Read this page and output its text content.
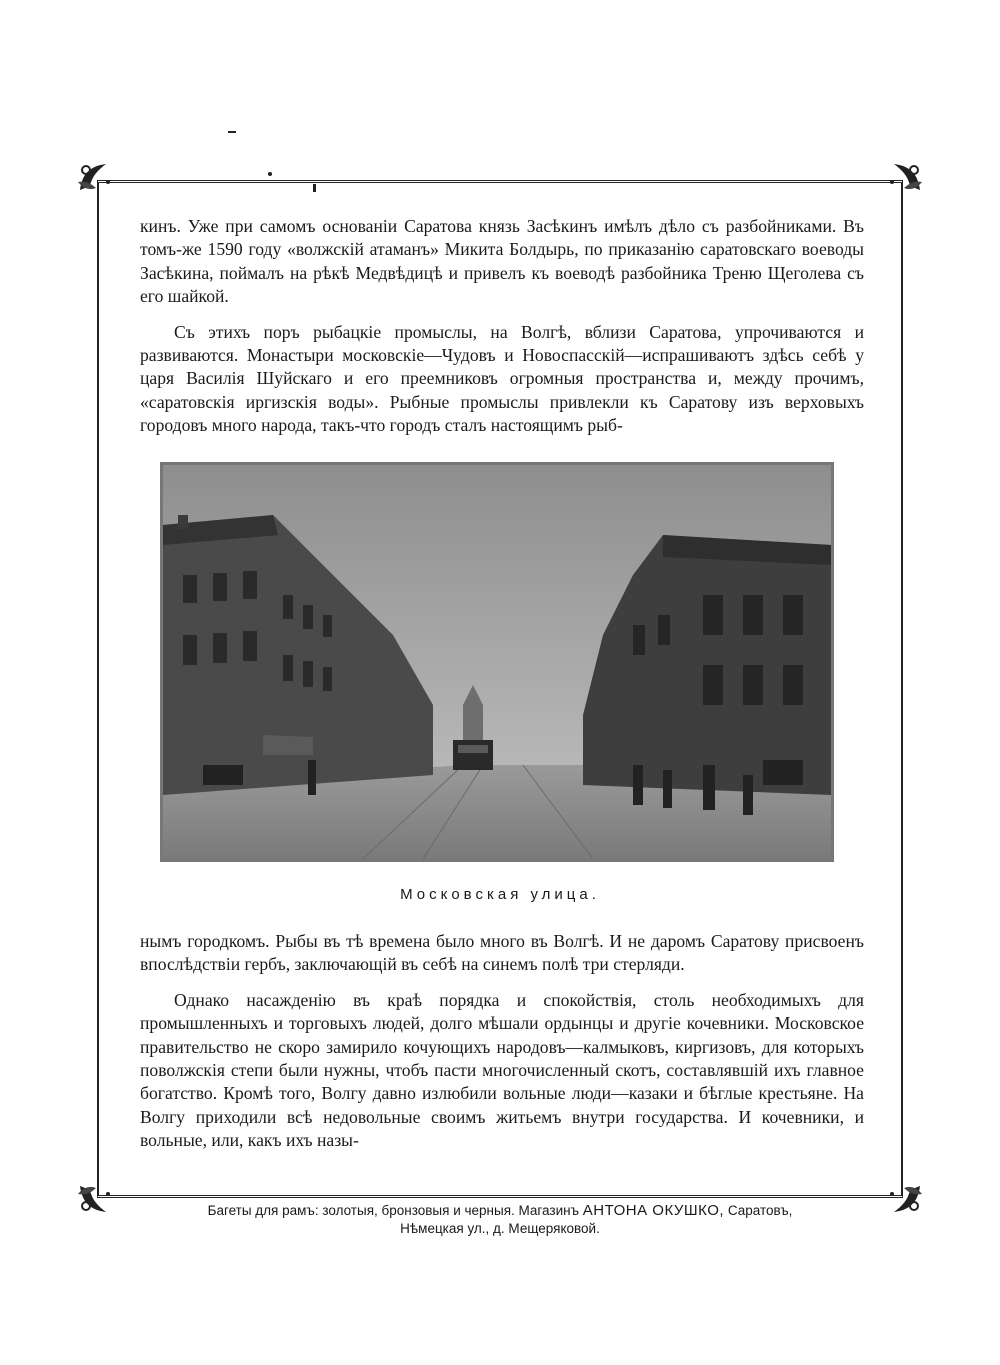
кинъ. Уже при самомъ основанiи Саратова князь Засѣкинъ имѣлъ дѣло съ разбойниками. Въ томъ-же 1590 году «волжскiй атаманъ» Микита Болдырь, по приказанiю саратовскаго воеводы Засѣкина, поймалъ на рѣкѣ Медвѣдицѣ и привелъ къ воеводѣ разбойника Треню Щеголева съ его шайкой.

Съ этихъ поръ рыбацкiе промыслы, на Волгѣ, вблизи Саратова, упрочиваются и развиваются. Монастыри московскiе—Чудовъ и Новоспасскiй—испрашиваютъ здѣсь себѣ у царя Василiя Шуйскаго и его преемниковъ огромныя пространства и, между прочимъ, «саратовскiя иргизскiя воды». Рыбные промыслы привлекли къ Саратову изъ верховыхъ городовъ много народа, такъ-что городъ сталъ настоящимъ рыб-

Московская улица.

нымъ городкомъ. Рыбы въ тѣ времена было много въ Волгѣ. И не даромъ Саратову присвоенъ впослѣдствiи гербъ, заключающiй въ себѣ на синемъ полѣ три стерляди.

Однако насажденiю въ краѣ порядка и спокойствiя, столь необходимыхъ для промышленныхъ и торговыхъ людей, долго мѣшали ордынцы и другiе кочевники. Московское правительство не скоро замирило кочующихъ народовъ—калмыковъ, киргизовъ, для которыхъ поволжскiя степи были нужны, чтобъ пасти многочисленный скотъ, составлявшiй ихъ главное богатство. Кромѣ того, Волгу давно излюбили вольные люди—казаки и бѣглые крестьяне. На Волгу приходили всѣ недовольные своимъ житьемъ внутри государства. И кочевники, и вольные, или, какъ ихъ назы-

Багеты для рамъ: золотыя, бронзовыя и черныя. Магазинъ АНТОНА ОКУШКО, Саратовъ,
Нѣмецкая ул., д. Мещеряковой.
